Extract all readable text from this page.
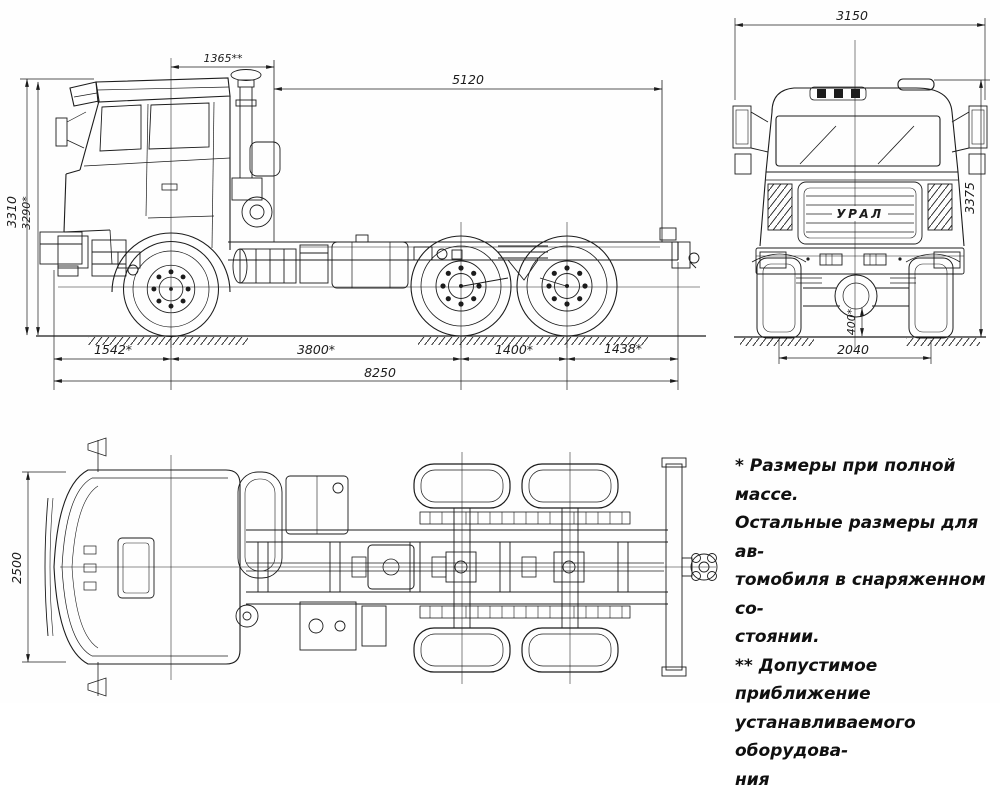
1365**
5120
3310 3290*
1542*	3800*	1400*	1438*
8250
УРАЛ
3150
3375
400*
2040
2500
* Размеры при полной массе.
Остальные размеры для ав-
томобиля в снаряженном со-
стоянии.
** Допустимое приближение
устанавливаемого оборудова-
ния
